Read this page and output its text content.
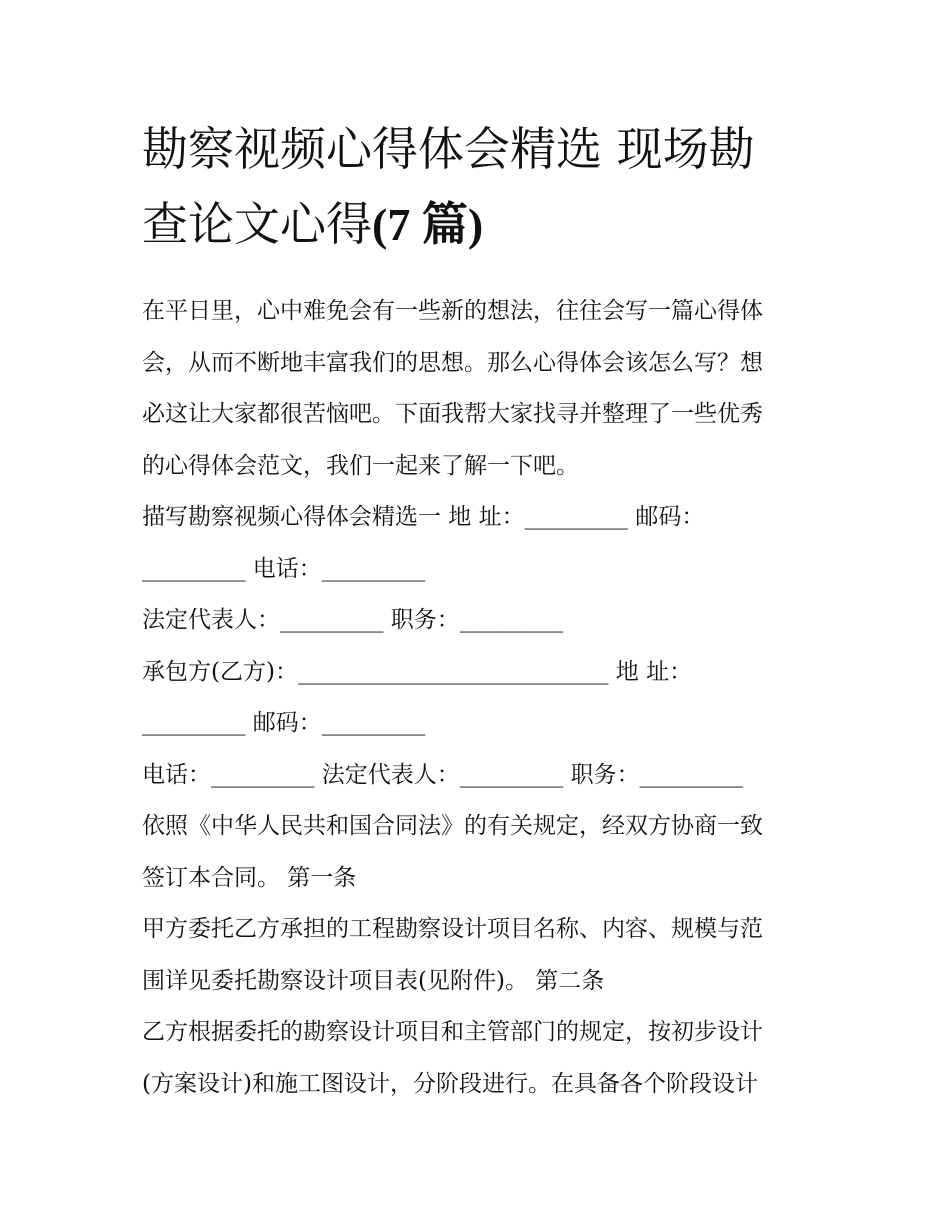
勘察视频心得体会精选 现场勘
查论文心得(7 篇)
在平日里，心中难免会有一些新的想法，往往会写一篇心得体
会，从而不断地丰富我们的思想。那么心得体会该怎么写？想
必这让大家都很苦恼吧。下面我帮大家找寻并整理了一些优秀
的心得体会范文，我们一起来了解一下吧。
描写勘察视频心得体会精选一 地 址：_________ 邮码：
_________ 电话：_________
法定代表人：_________ 职务：_________
承包方(乙方)：___________________________ 地 址：
_________ 邮码：_________
电话：_________ 法定代表人：_________ 职务：_________
依照《中华人民共和国合同法》的有关规定，经双方协商一致
签订本合同。 第一条
甲方委托乙方承担的工程勘察设计项目名称、内容、规模与范
围详见委托勘察设计项目表(见附件)。 第二条
乙方根据委托的勘察设计项目和主管部门的规定，按初步设计
(方案设计)和施工图设计，分阶段进行。在具备各个阶段设计
